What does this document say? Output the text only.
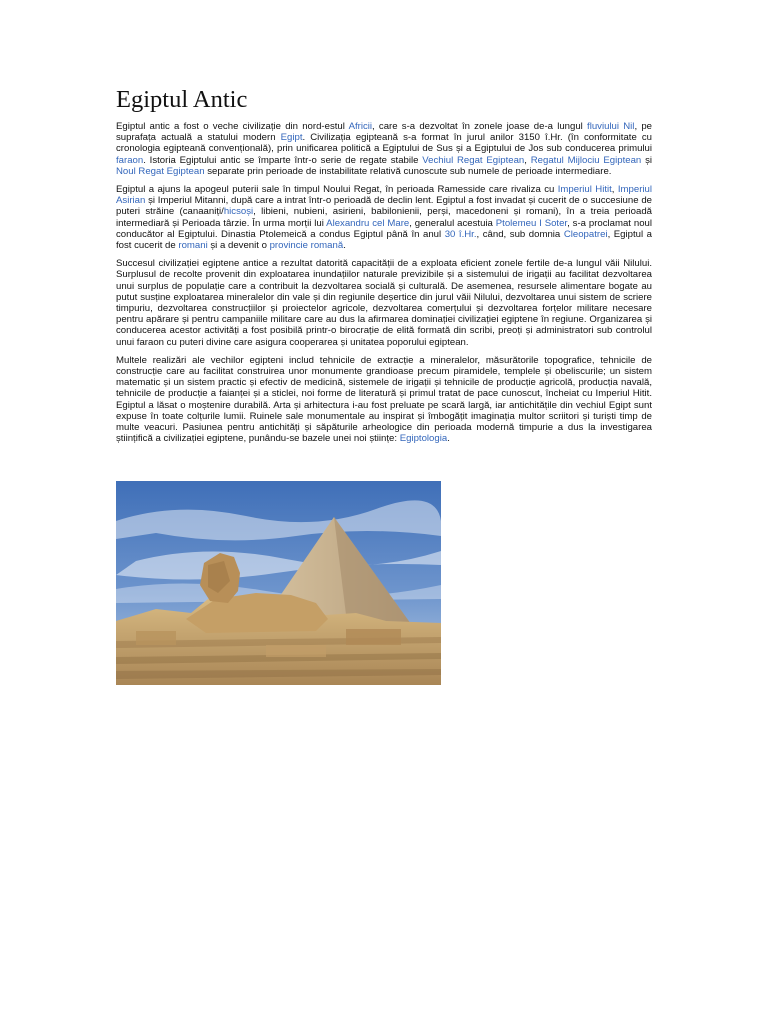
Egiptul Antic

Egiptul antic a fost o veche civilizație din nord-estul Africii, care s-a dezvoltat în zonele joase de-a lungul fluviului Nil, pe suprafața actuală a statului modern Egipt. Civilizația egipteană s-a format în jurul anilor 3150 î.Hr. (în conformitate cu cronologia egipteană convențională), prin unificarea politică a Egiptului de Sus și a Egiptului de Jos sub conducerea primului faraon. Istoria Egiptului antic se împarte într-o serie de regate stabile Vechiul Regat Egiptean, Regatul Mijlociu Egiptean și Noul Regat Egiptean separate prin perioade de instabilitate relativă cunoscute sub numele de perioade intermediare.

Egiptul a ajuns la apogeul puterii sale în timpul Noului Regat, în perioada Ramesside care rivaliza cu Imperiul Hitit, Imperiul Asirian și Imperiul Mitanni, după care a intrat într-o perioadă de declin lent. Egiptul a fost invadat și cucerit de o succesiune de puteri străine (canaaniți/hicsoși, libieni, nubieni, asirieni, babilonienii, perși, macedoneni și romani), în a treia perioadă intermediară și Perioada târzie. În urma morții lui Alexandru cel Mare, generalul acestuia Ptolemeu I Soter, s-a proclamat noul conducător al Egiptului. Dinastia Ptolemeică a condus Egiptul până în anul 30 î.Hr., când, sub domnia Cleopatrei, Egiptul a fost cucerit de romani și a devenit o provincie romană.

Succesul civilizației egiptene antice a rezultat datorită capacității de a exploata eficient zonele fertile de-a lungul văii Nilului. Surplusul de recolte provenit din exploatarea inundațiilor naturale previzibile și a sistemului de irigații au facilitat dezvoltarea unui surplus de populație care a contribuit la dezvoltarea socială și culturală. De asemenea, resursele alimentare bogate au putut susține exploatarea mineralelor din vale și din regiunile deșertice din jurul văii Nilului, dezvoltarea unui sistem de scriere timpuriu, dezvoltarea construcțiilor și proiectelor agricole, dezvoltarea comerțului și dezvoltarea forțelor militare necesare pentru apărare și pentru campaniile militare care au dus la afirmarea dominației civilizației egiptene în regiune. Organizarea și conducerea acestor activități a fost posibilă printr-o birocrație de elită formată din scribi, preoți și administratori sub controlul unui faraon cu puteri divine care asigura cooperarea și unitatea poporului egiptean.

Multele realizări ale vechilor egipteni includ tehnicile de extracție a mineralelor, măsurătorile topografice, tehnicile de construcție care au facilitat construirea unor monumente grandioase precum piramidele, templele și obeliscurile; un sistem matematic și un sistem practic și efectiv de medicină, sistemele de irigații și tehnicile de producție agricolă, producția navală, tehnicile de producție a faianței și a sticlei, noi forme de literatură și primul tratat de pace cunoscut, încheiat cu Imperiul Hitit. Egiptul a lăsat o moștenire durabilă. Arta și arhitectura i-au fost preluate pe scară largă, iar antichitățile din vechiul Egipt sunt expuse în toate colțurile lumii. Ruinele sale monumentale au inspirat și îmbogățit imaginația multor scriitori și turiști timp de multe veacuri. Pasiunea pentru antichități și săpăturile arheologice din perioada modernă timpurie a dus la investigarea științifică a civilizației egiptene, punându-se bazele unei noi științe: Egiptologia.
